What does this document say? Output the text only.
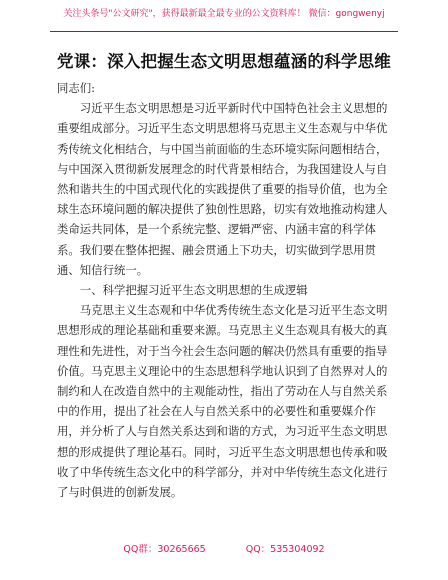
关注头条号"公文研究"，获得最新最全最专业的公文资料库！ 微信：gongwenyj
党课：深入把握生态文明思想蕴涵的科学思维

同志们:

习近平生态文明思想是习近平新时代中国特色社会主义思想的重要组成部分。习近平生态文明思想将马克思主义生态观与中华优秀传统文化相结合，与中国当前面临的生态环境实际问题相结合，与中国深入贯彻新发展理念的时代背景相结合，为我国建设人与自然和谐共生的中国式现代化的实践提供了重要的指导价值，也为全球生态环境问题的解决提供了独创性思路，切实有效地推动构建人类命运共同体，是一个系统完整、逻辑严密、内涵丰富的科学体系。我们要在整体把握、融会贯通上下功夫，切实做到学思用贯通、知信行统一。

一、科学把握习近平生态文明思想的生成逻辑

马克思主义生态观和中华优秀传统生态文化是习近平生态文明思想形成的理论基础和重要来源。马克思主义生态观具有极大的真理性和先进性，对于当今社会生态问题的解决仍然具有重要的指导价值。马克思主义理论中的生态思想科学地认识到了自然界对人的制约和人在改造自然中的主观能动性，指出了劳动在人与自然关系中的作用，提出了社会在人与自然关系中的必要性和重要媒介作用，并分析了人与自然关系达到和谐的方式，为习近平生态文明思想的形成提供了理论基石。同时，习近平生态文明思想也传承和吸收了中华传统生态文化中的科学部分，并对中华传统生态文化进行了与时俱进的创新发展。

QQ群：30265665	QQ：535304092
